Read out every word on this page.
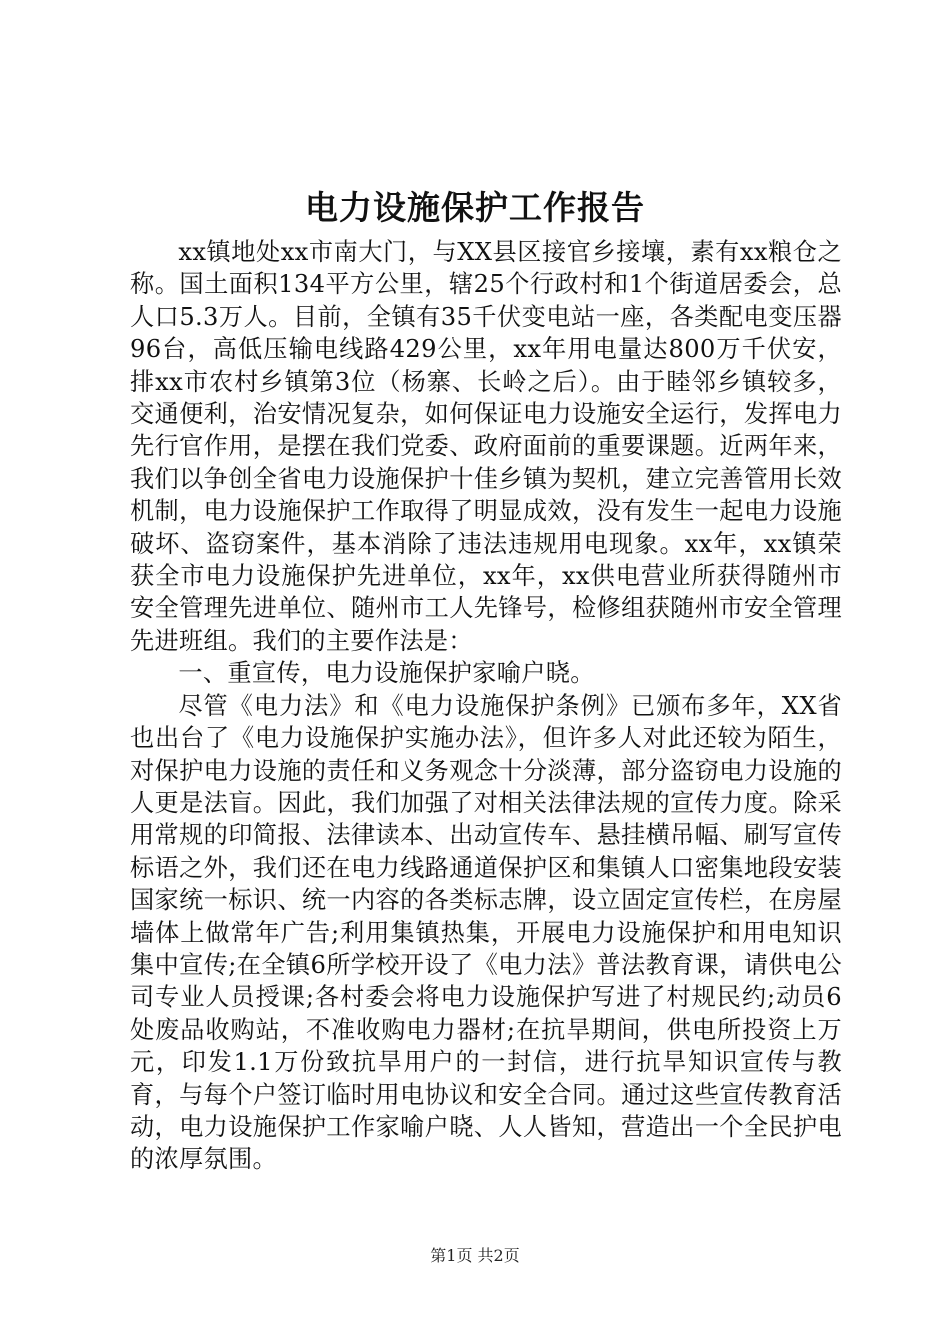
电力设施保护工作报告

xx镇地处xx市南大门，与XX县区接官乡接壤，素有xx粮仓之称。国土面积134平方公里，辖25个行政村和1个街道居委会，总人口5.3万人。目前，全镇有35千伏变电站一座，各类配电变压器96台，高低压输电线路429公里，xx年用电量达800万千伏安，排xx市农村乡镇第3位（杨寨、长岭之后）。由于睦邻乡镇较多，交通便利，治安情况复杂，如何保证电力设施安全运行，发挥电力先行官作用，是摆在我们党委、政府面前的重要课题。近两年来，我们以争创全省电力设施保护十佳乡镇为契机，建立完善管用长效机制，电力设施保护工作取得了明显成效，没有发生一起电力设施破坏、盗窃案件，基本消除了违法违规用电现象。xx年，xx镇荣获全市电力设施保护先进单位，xx年，xx供电营业所获得随州市安全管理先进单位、随州市工人先锋号，检修组获随州市安全管理先进班组。我们的主要作法是：

一、重宣传，电力设施保护家喻户晓。

尽管《电力法》和《电力设施保护条例》已颁布多年，XX省也出台了《电力设施保护实施办法》，但许多人对此还较为陌生，对保护电力设施的责任和义务观念十分淡薄，部分盗窃电力设施的人更是法盲。因此，我们加强了对相关法律法规的宣传力度。除采用常规的印简报、法律读本、出动宣传车、悬挂横吊幅、刷写宣传标语之外，我们还在电力线路通道保护区和集镇人口密集地段安装国家统一标识、统一内容的各类标志牌，设立固定宣传栏，在房屋墙体上做常年广告;利用集镇热集，开展电力设施保护和用电知识集中宣传;在全镇6所学校开设了《电力法》普法教育课，请供电公司专业人员授课;各村委会将电力设施保护写进了村规民约;动员6处废品收购站，不准收购电力器材;在抗旱期间，供电所投资上万元，印发1.1万份致抗旱用户的一封信，进行抗旱知识宣传与教育，与每个户签订临时用电协议和安全合同。通过这些宣传教育活动，电力设施保护工作家喻户晓、人人皆知，营造出一个全民护电的浓厚氛围。

第1页 共2页
